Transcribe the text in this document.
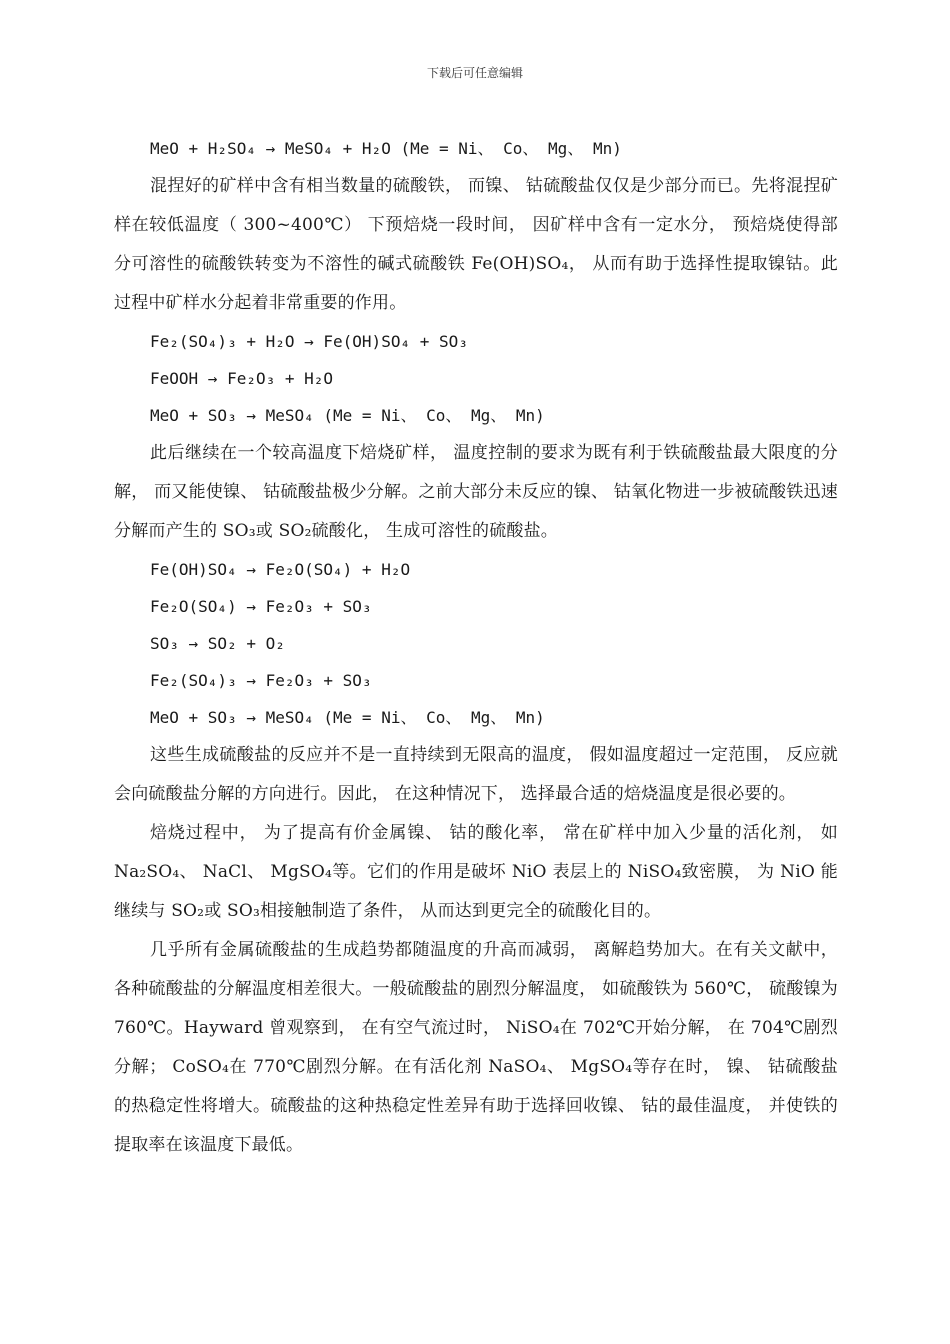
下载后可任意编辑
MeO + H₂SO₄ → MeSO₄ + H₂O (Me = Ni、 Co、 Mg、 Mn)
混捏好的矿样中含有相当数量的硫酸铁， 而镍、 钴硫酸盐仅仅是少部分而已。先将混捏矿样在较低温度（ 300~400℃） 下预焙烧一段时间， 因矿样中含有一定水分， 预焙烧使得部分可溶性的硫酸铁转变为不溶性的碱式硫酸铁 Fe(OH)SO₄， 从而有助于选择性提取镍钴。此过程中矿样水分起着非常重要的作用。
Fe₂(SO₄)₃ + H₂O → Fe(OH)SO₄ + SO₃
FeOOH → Fe₂O₃ + H₂O
MeO + SO₃ → MeSO₄ (Me = Ni、 Co、 Mg、 Mn)
此后继续在一个较高温度下焙烧矿样， 温度控制的要求为既有利于铁硫酸盐最大限度的分解， 而又能使镍、 钴硫酸盐极少分解。之前大部分未反应的镍、 钴氧化物进一步被硫酸铁迅速分解而产生的 SO₃或 SO₂硫酸化， 生成可溶性的硫酸盐。
Fe(OH)SO₄ → Fe₂O(SO₄) + H₂O
Fe₂O(SO₄) → Fe₂O₃ + SO₃
SO₃ → SO₂ + O₂
Fe₂(SO₄)₃ → Fe₂O₃ + SO₃
MeO + SO₃ → MeSO₄ (Me = Ni、 Co、 Mg、 Mn)
这些生成硫酸盐的反应并不是一直持续到无限高的温度， 假如温度超过一定范围， 反应就会向硫酸盐分解的方向进行。因此， 在这种情况下， 选择最合适的焙烧温度是很必要的。
焙烧过程中， 为了提高有价金属镍、 钴的酸化率， 常在矿样中加入少量的活化剂， 如 Na₂SO₄、 NaCl、 MgSO₄等。它们的作用是破坏 NiO 表层上的 NiSO₄致密膜， 为 NiO 能继续与 SO₂或 SO₃相接触制造了条件， 从而达到更完全的硫酸化目的。
几乎所有金属硫酸盐的生成趋势都随温度的升高而减弱， 离解趋势加大。在有关文献中， 各种硫酸盐的分解温度相差很大。一般硫酸盐的剧烈分解温度， 如硫酸铁为 560℃， 硫酸镍为 760℃。Hayward 曾观察到， 在有空气流过时， NiSO₄在 702℃开始分解， 在 704℃剧烈分解； CoSO₄在 770℃剧烈分解。在有活化剂 NaSO₄、 MgSO₄等存在时， 镍、 钴硫酸盐的热稳定性将增大。硫酸盐的这种热稳定性差异有助于选择回收镍、 钴的最佳温度， 并使铁的提取率在该温度下最低。
